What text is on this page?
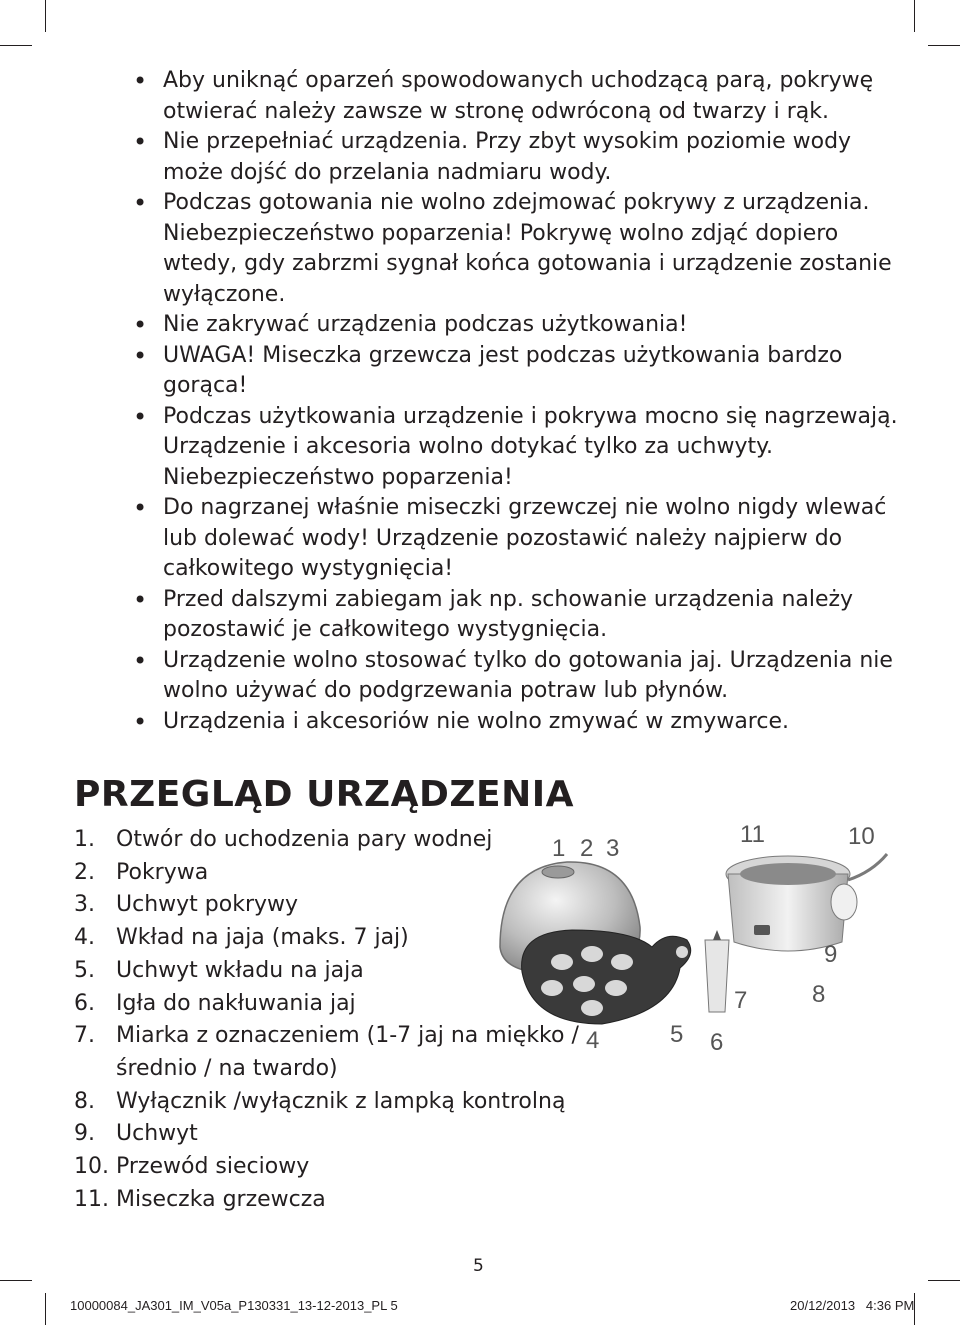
• Aby uniknąć oparzeń spowodowanych uchodzącą parą, pokrywę otwierać należy zawsze w stronę odwróconą od twarzy i rąk.
• Nie przepełniać urządzenia. Przy zbyt wysokim poziomie wody może dojść do przelania nadmiaru wody.
• Podczas gotowania nie wolno zdejmować pokrywy z urządzenia. Niebezpieczeństwo poparzenia! Pokrywę wolno zdjąć dopiero wtedy, gdy zabrzmi sygnał końca gotowania i urządzenie zostanie wyłączone.
• Nie zakrywać urządzenia podczas użytkowania!
• UWAGA! Miseczka grzewcza jest podczas użytkowania bardzo gorąca!
• Podczas użytkowania urządzenie i pokrywa mocno się nagrzewają. Urządzenie i akcesoria wolno dotykać tylko za uchwyty. Niebezpieczeństwo poparzenia!
• Do nagrzanej właśnie miseczki grzewczej nie wolno nigdy wlewać lub dolewać wody! Urządzenie pozostawić należy najpierw do całkowitego wystygnięcia!
• Przed dalszymi zabiegam jak np. schowanie urządzenia należy pozostawić je całkowitego wystygnięcia.
• Urządzenie wolno stosować tylko do gotowania jaj. Urządzenia nie wolno używać do podgrzewania potraw lub płynów.
• Urządzenia i akcesoriów nie wolno zmywać w zmywarce.
PRZEGLĄD URZĄDZENIA
1. Otwór do uchodzenia pary wodnej
2. Pokrywa
3. Uchwyt pokrywy
4. Wkład na jaja (maks. 7 jaj)
5. Uchwyt wkładu na jaja
6. Igła do nakłuwania jaj
7. Miarka z oznaczeniem (1-7 jaj na miękko / średnio / na twardo)
8. Wyłącznik /wyłącznik z lampką kontrolną
9. Uchwyt
10. Przewód sieciowy
11. Miseczka grzewcza
1 2 3
11	10
9
8
7
4	5 6
5
10000084_JA301_IM_V05a_P130331_13-12-2013_PL 5	20/12/2013   4:36 PM
